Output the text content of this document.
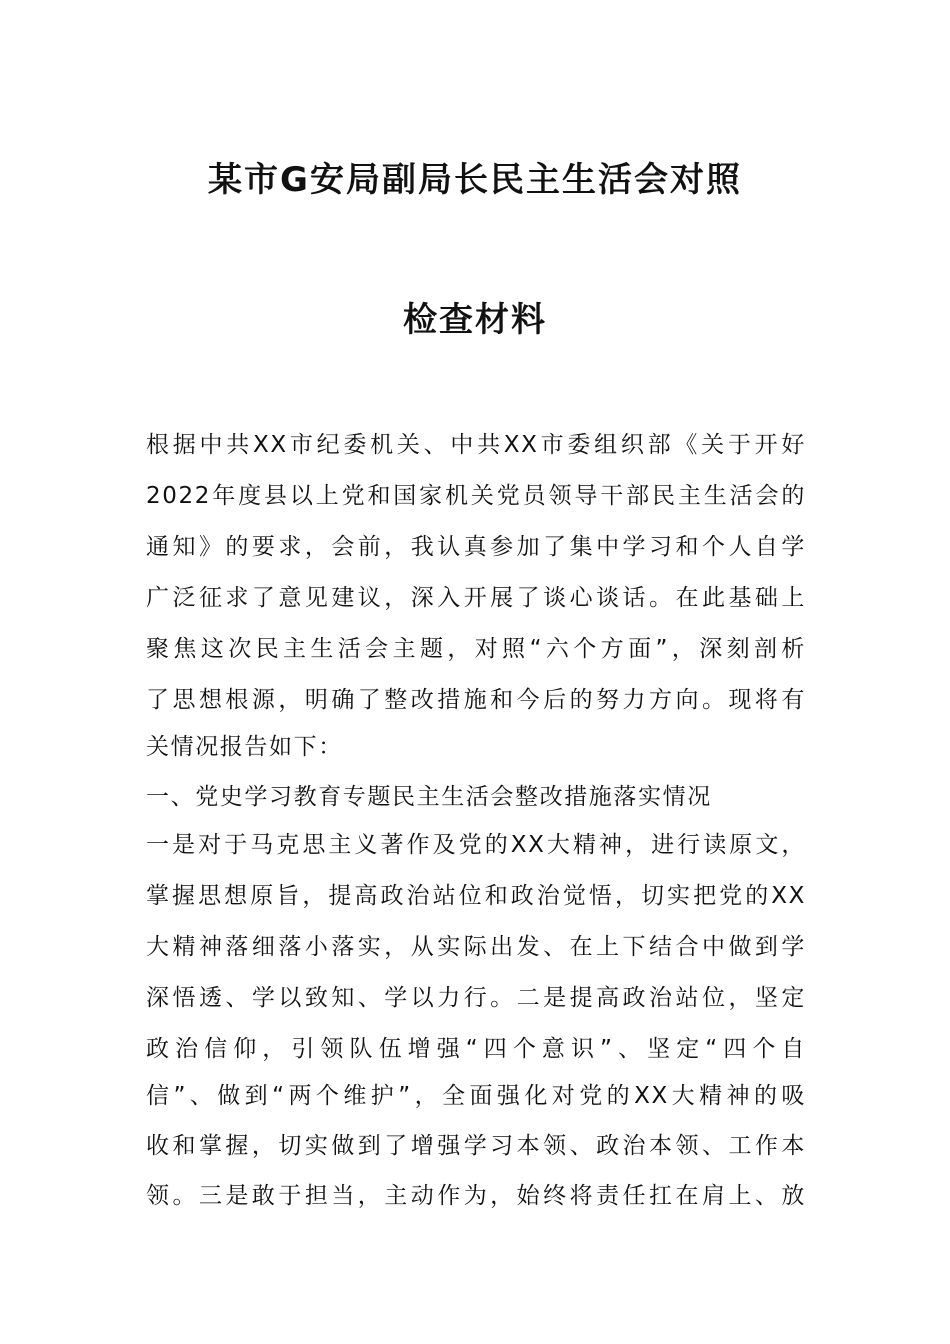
某市G安局副局长民主生活会对照
检查材料
根据中共XX市纪委机关、中共XX市委组织部《关于开好
2022年度县以上党和国家机关党员领导干部民主生活会的
通知》的要求，会前，我认真参加了集中学习和个人自学
广泛征求了意见建议，深入开展了谈心谈话。在此基础上
聚焦这次民主生活会主题，对照“六个方面”，深刻剖析
了思想根源，明确了整改措施和今后的努力方向。现将有
关情况报告如下：
一、党史学习教育专题民主生活会整改措施落实情况
一是对于马克思主义著作及党的XX大精神，进行读原文，
掌握思想原旨，提高政治站位和政治觉悟，切实把党的XX
大精神落细落小落实，从实际出发、在上下结合中做到学
深悟透、学以致知、学以力行。二是提高政治站位，坚定
政治信仰，引领队伍增强“四个意识”、坚定“四个自
信”、做到“两个维护”，全面强化对党的XX大精神的吸
收和掌握，切实做到了增强学习本领、政治本领、工作本
领。三是敢于担当，主动作为，始终将责任扛在肩上、放
